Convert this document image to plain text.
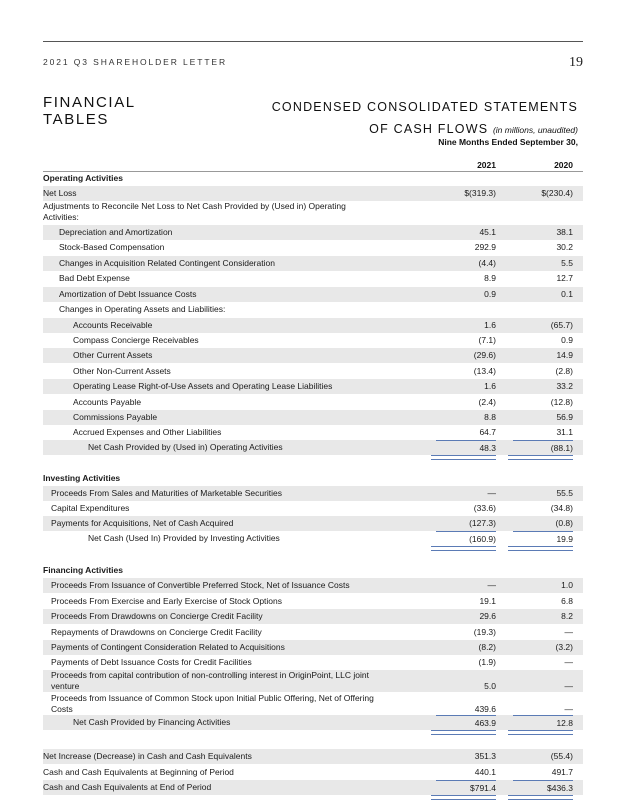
2021 Q3 SHAREHOLDER LETTER	19
FINANCIAL
TABLES
CONDENSED CONSOLIDATED STATEMENTS
OF CASH FLOWS (in millions, unaudited)
Nine Months Ended September 30,
2021	2020
Operating Activities
Net Loss	$(319.3)	$(230.4)
Adjustments to Reconcile Net Loss to Net Cash Provided by (Used in) Operating Activities:
Depreciation and Amortization	45.1	38.1
Stock-Based Compensation	292.9	30.2
Changes in Acquisition Related Contingent Consideration	(4.4)	5.5
Bad Debt Expense	8.9	12.7
Amortization of Debt Issuance Costs	0.9	0.1
Changes in Operating Assets and Liabilities:
Accounts Receivable	1.6	(65.7)
Compass Concierge Receivables	(7.1)	0.9
Other Current Assets	(29.6)	14.9
Other Non-Current Assets	(13.4)	(2.8)
Operating Lease Right-of-Use Assets and Operating Lease Liabilities	1.6	33.2
Accounts Payable	(2.4)	(12.8)
Commissions Payable	8.8	56.9
Accrued Expenses and Other Liabilities	64.7	31.1
Net Cash Provided by (Used in) Operating Activities	48.3	(88.1)
Investing Activities
Proceeds From Sales and Maturities of Marketable Securities	—	55.5
Capital Expenditures	(33.6)	(34.8)
Payments for Acquisitions, Net of Cash Acquired	(127.3)	(0.8)
Net Cash (Used In) Provided by Investing Activities	(160.9)	19.9
Financing Activities
Proceeds From Issuance of Convertible Preferred Stock, Net of Issuance Costs	—	1.0
Proceeds From Exercise and Early Exercise of Stock Options	19.1	6.8
Proceeds From Drawdowns on Concierge Credit Facility	29.6	8.2
Repayments of Drawdowns on Concierge Credit Facility	(19.3)	—
Payments of Contingent Consideration Related to Acquisitions	(8.2)	(3.2)
Payments of Debt Issuance Costs for Credit Facilities	(1.9)	—
Proceeds from capital contribution of non-controlling interest in OriginPoint, LLC joint venture	5.0	—
Proceeds from Issuance of Common Stock upon Initial Public Offering, Net of Offering Costs	439.6	—
Net Cash Provided by Financing Activities	463.9	12.8
Net Increase (Decrease) in Cash and Cash Equivalents	351.3	(55.4)
Cash and Cash Equivalents at Beginning of Period	440.1	491.7
Cash and Cash Equivalents at End of Period	$791.4	$436.3
